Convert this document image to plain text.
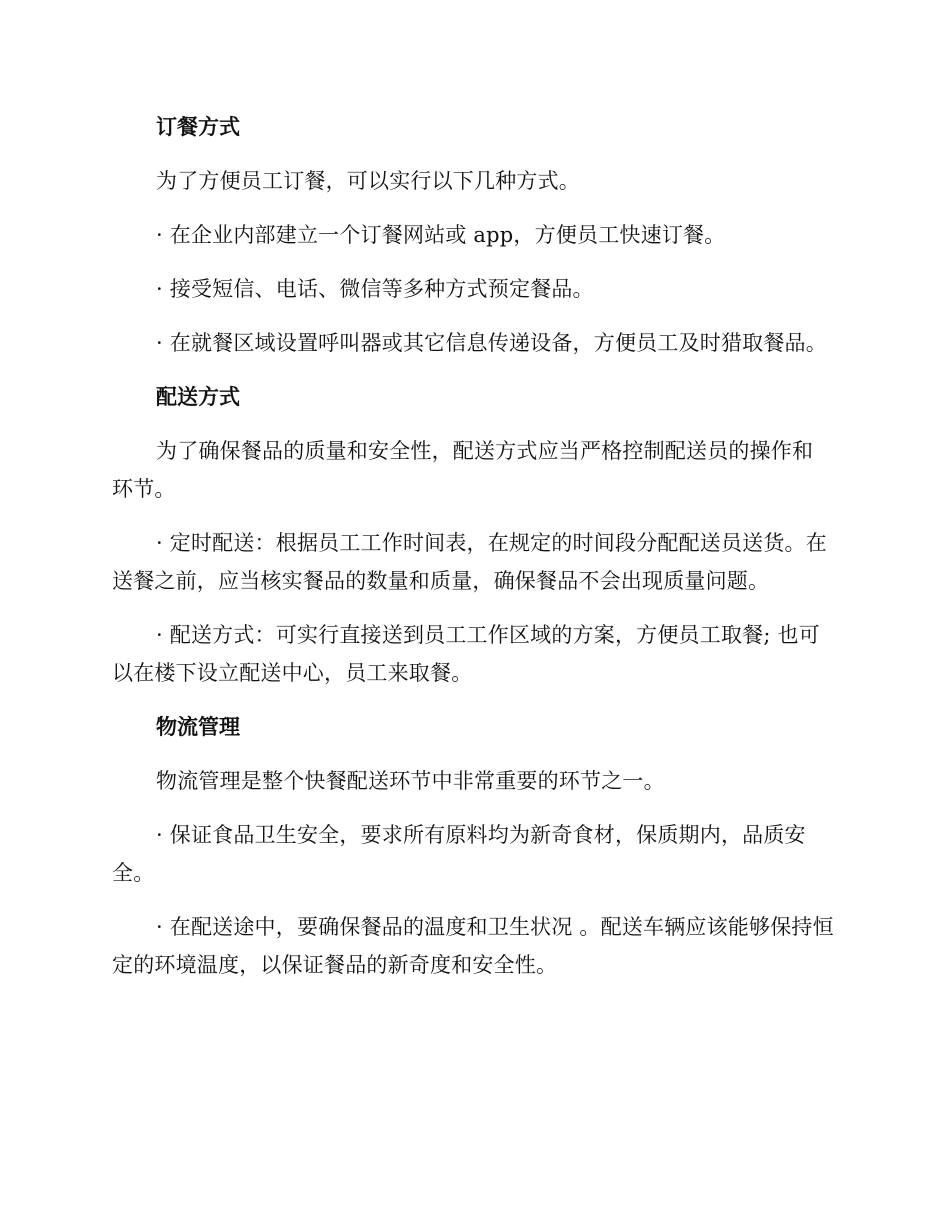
订餐方式

为了方便员工订餐，可以实行以下几种方式。

· 在企业内部建立一个订餐网站或 app，方便员工快速订餐。

· 接受短信、电话、微信等多种方式预定餐品。

· 在就餐区域设置呼叫器或其它信息传递设备，方便员工及时猎取餐品。

配送方式

为了确保餐品的质量和安全性，配送方式应当严格控制配送员的操作和环节。

· 定时配送：根据员工工作时间表，在规定的时间段分配配送员送货。在送餐之前，应当核实餐品的数量和质量，确保餐品不会出现质量问题。

· 配送方式：可实行直接送到员工工作区域的方案，方便员工取餐; 也可以在楼下设立配送中心，员工来取餐。

物流管理

物流管理是整个快餐配送环节中非常重要的环节之一。

· 保证食品卫生安全，要求所有原料均为新奇食材，保质期内，品质安全。

· 在配送途中，要确保餐品的温度和卫生状况 。配送车辆应该能够保持恒定的环境温度，以保证餐品的新奇度和安全性。
